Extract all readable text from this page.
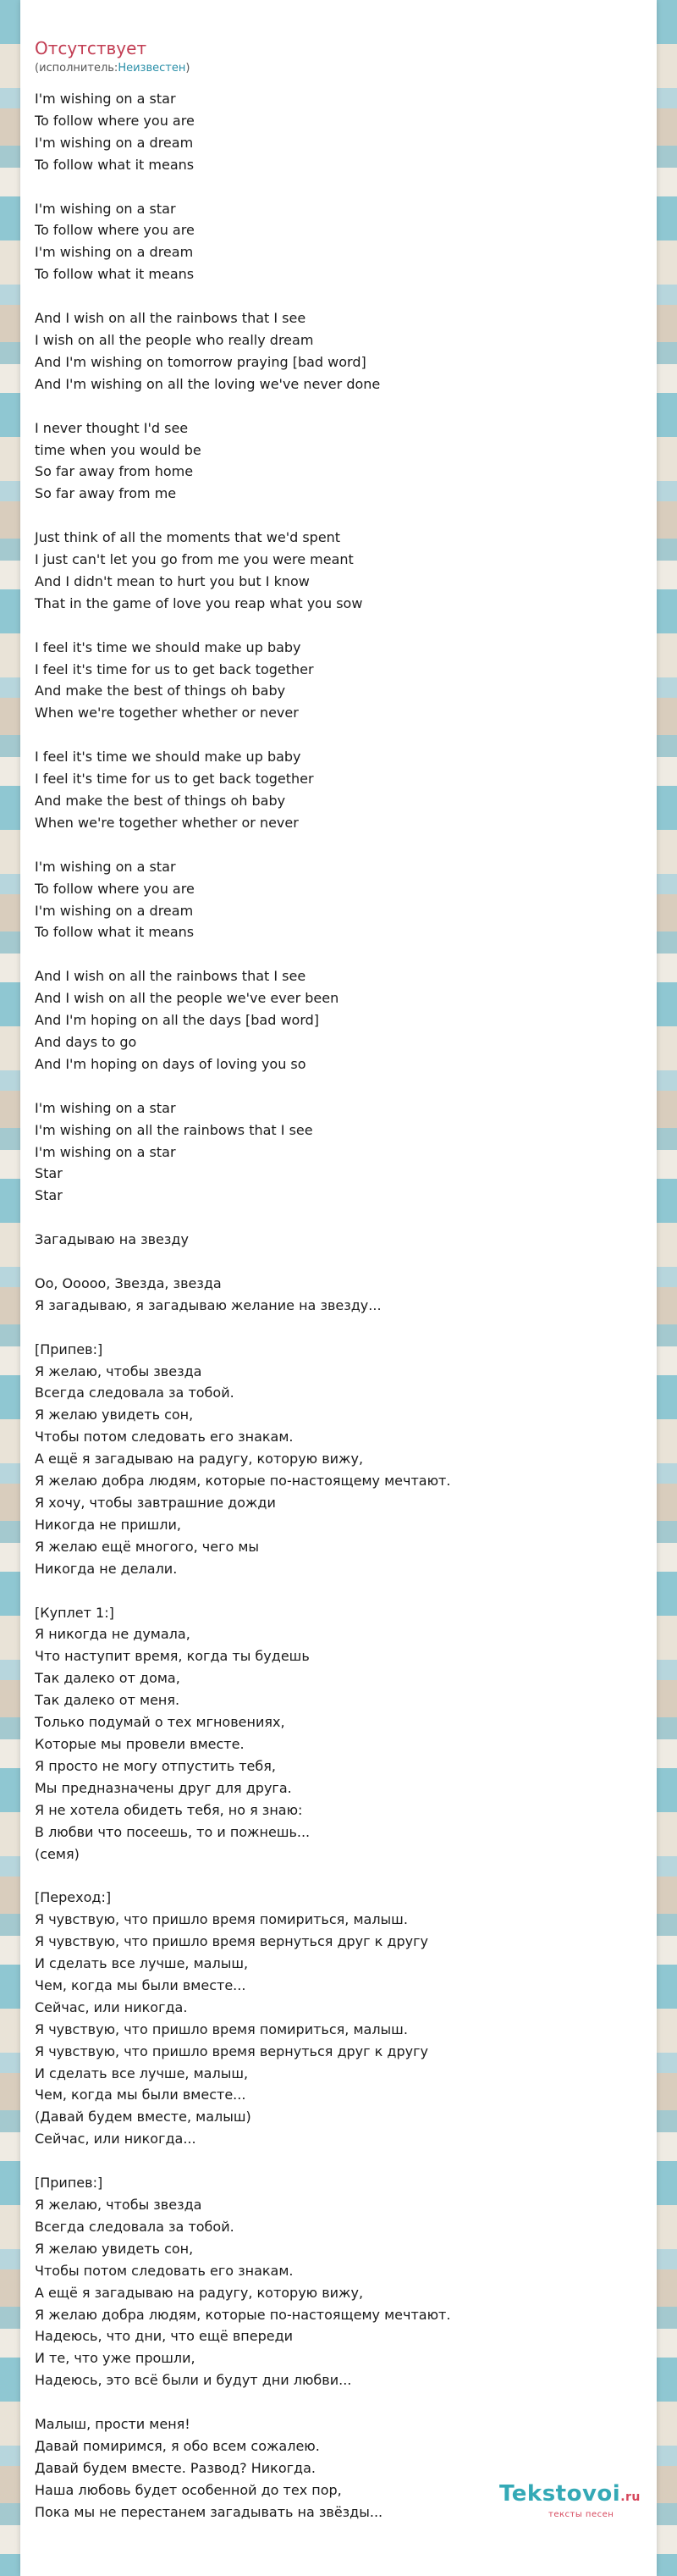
Отсутствует
(исполнитель:Неизвестен)
I'm wishing on a star
To follow where you are
I'm wishing on a dream
To follow what it means

I'm wishing on a star
To follow where you are
I'm wishing on a dream
To follow what it means

And I wish on all the rainbows that I see
I wish on all the people who really dream
And I'm wishing on tomorrow praying [bad word]
And I'm wishing on all the loving we've never done

I never thought I'd see
time when you would be
So far away from home
So far away from me

Just think of all the moments that we'd spent
I just can't let you go from me you were meant
And I didn't mean to hurt you but I know
That in the game of love you reap what you sow

I feel it's time we should make up baby
I feel it's time for us to get back together
And make the best of things oh baby
When we're together whether or never

I feel it's time we should make up baby
I feel it's time for us to get back together
And make the best of things oh baby
When we're together whether or never

I'm wishing on a star
To follow where you are
I'm wishing on a dream
To follow what it means

And I wish on all the rainbows that I see
And I wish on all the people we've ever been
And I'm hoping on all the days [bad word]
And days to go
And I'm hoping on days of loving you so

I'm wishing on a star
I'm wishing on all the rainbows that I see
I'm wishing on a star
Star
Star

Загадываю на звезду

Оо, Ооооо, Звезда, звезда
Я загадываю, я загадываю желание на звезду...

[Припев:]
Я желаю, чтобы звезда
Всегда следовала за тобой.
Я желаю увидеть сон,
Чтобы потом следовать его знакам.
А ещё я загадываю на радугу, которую вижу,
Я желаю добра людям, которые по-настоящему мечтают.
Я хочу, чтобы завтрашние дожди
Никогда не пришли,
Я желаю ещё многого, чего мы
Никогда не делали.

[Куплет 1:]
Я никогда не думала,
Что наступит время, когда ты будешь
Так далеко от дома,
Так далеко от меня.
Только подумай о тех мгновениях,
Которые мы провели вместе.
Я просто не могу отпустить тебя,
Мы предназначены друг для друга.
Я не хотела обидеть тебя, но я знаю:
В любви что посеешь, то и пожнешь...
(семя)

[Переход:]
Я чувствую, что пришло время помириться, малыш.
Я чувствую, что пришло время вернуться друг к другу
И сделать все лучше, малыш,
Чем, когда мы были вместе...
Сейчас, или никогда.
Я чувствую, что пришло время помириться, малыш.
Я чувствую, что пришло время вернуться друг к другу
И сделать все лучше, малыш,
Чем, когда мы были вместе...
(Давай будем вместе, малыш)
Сейчас, или никогда...

[Припев:]
Я желаю, чтобы звезда
Всегда следовала за тобой.
Я желаю увидеть сон,
Чтобы потом следовать его знакам.
А ещё я загадываю на радугу, которую вижу,
Я желаю добра людям, которые по-настоящему мечтают.
Надеюсь, что дни, что ещё впереди
И те, что уже прошли,
Надеюсь, это всё были и будут дни любви...

Малыш, прости меня!
Давай помиримся, я обо всем сожалею.
Давай будем вместе. Развод? Никогда.
Наша любовь будет особенной до тех пор,
Пока мы не перестанем загадывать на звёзды...
Tekstovoi.ru
тексты песен
